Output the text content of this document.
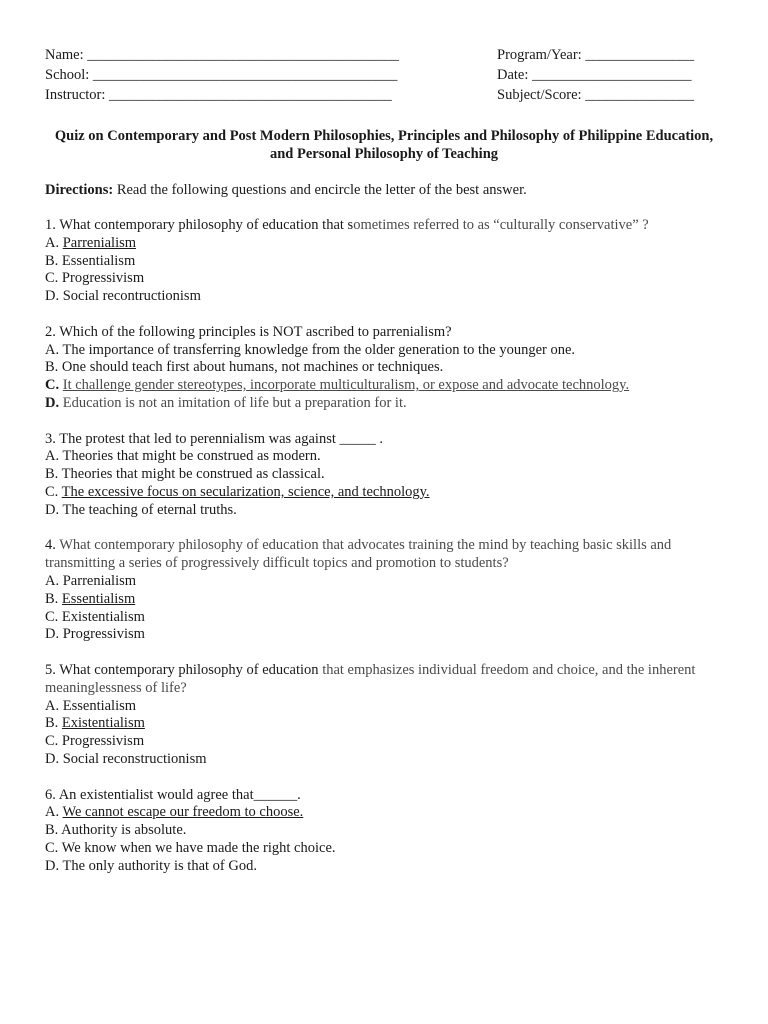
Name: ___________________________________________	Program/Year: _______________
School: __________________________________________	Date: ______________________
Instructor: _______________________________________	Subject/Score: _______________
Quiz on Contemporary and Post Modern Philosophies, Principles and Philosophy of Philippine Education, and Personal Philosophy of Teaching
Directions: Read the following questions and encircle the letter of the best answer.
1. What contemporary philosophy of education that sometimes referred to as “culturally conservative” ?
A. Parrenialism
B. Essentialism
C. Progressivism
D. Social recontructionism
2. Which of the following principles is NOT ascribed to parrenialism?
A. The importance of transferring knowledge from the older generation to the younger one.
B. One should teach first about humans, not machines or techniques.
C. It challenge gender stereotypes, incorporate multiculturalism, or expose and advocate technology.
D. Education is not an imitation of life but a preparation for it.
3. The protest that led to perennialism was against _____ .
A. Theories that might be construed as modern.
B. Theories that might be construed as classical.
C. The excessive focus on secularization, science, and technology.
D. The teaching of eternal truths.
4. What contemporary philosophy of education that advocates training the mind by teaching basic skills and transmitting a series of progressively difficult topics and promotion to students?
A. Parrenialism
B. Essentialism
C. Existentialism
D. Progressivism
5. What contemporary philosophy of education that emphasizes individual freedom and choice, and the inherent meaninglessness of life?
A. Essentialism
B. Existentialism
C. Progressivism
D. Social reconstructionism
6. An existentialist would agree that______.
A. We cannot escape our freedom to choose.
B. Authority is absolute.
C. We know when we have made the right choice.
D. The only authority is that of God.
